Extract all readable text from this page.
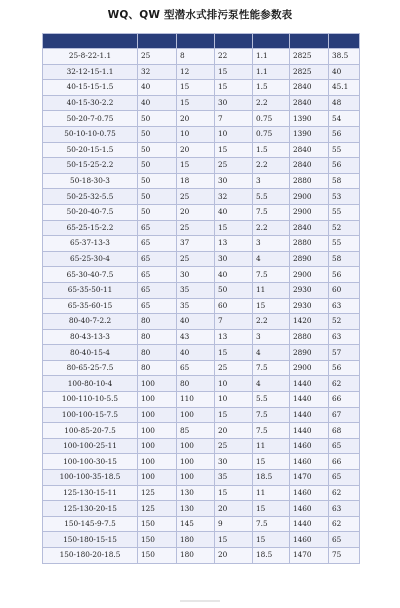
WQ、QW 型潜水式排污泵性能参数表

25-8-22-1.1	25	8	22	1.1	2825	38.5
32-12-15-1.1	32	12	15	1.1	2825	40
40-15-15-1.5	40	15	15	1.5	2840	45.1
40-15-30-2.2	40	15	30	2.2	2840	48
50-20-7-0.75	50	20	7	0.75	1390	54
50-10-10-0.75	50	10	10	0.75	1390	56
50-20-15-1.5	50	20	15	1.5	2840	55
50-15-25-2.2	50	15	25	2.2	2840	56
50-18-30-3	50	18	30	3	2880	58
50-25-32-5.5	50	25	32	5.5	2900	53
50-20-40-7.5	50	20	40	7.5	2900	55
65-25-15-2.2	65	25	15	2.2	2840	52
65-37-13-3	65	37	13	3	2880	55
65-25-30-4	65	25	30	4	2890	58
65-30-40-7.5	65	30	40	7.5	2900	56
65-35-50-11	65	35	50	11	2930	60
65-35-60-15	65	35	60	15	2930	63
80-40-7-2.2	80	40	7	2.2	1420	52
80-43-13-3	80	43	13	3	2880	63
80-40-15-4	80	40	15	4	2890	57
80-65-25-7.5	80	65	25	7.5	2900	56
100-80-10-4	100	80	10	4	1440	62
100-110-10-5.5	100	110	10	5.5	1440	66
100-100-15-7.5	100	100	15	7.5	1440	67
100-85-20-7.5	100	85	20	7.5	1440	68
100-100-25-11	100	100	25	11	1460	65
100-100-30-15	100	100	30	15	1460	66
100-100-35-18.5	100	100	35	18.5	1470	65
125-130-15-11	125	130	15	11	1460	62
125-130-20-15	125	130	20	15	1460	63
150-145-9-7.5	150	145	9	7.5	1440	62
150-180-15-15	150	180	15	15	1460	65
150-180-20-18.5	150	180	20	18.5	1470	75
